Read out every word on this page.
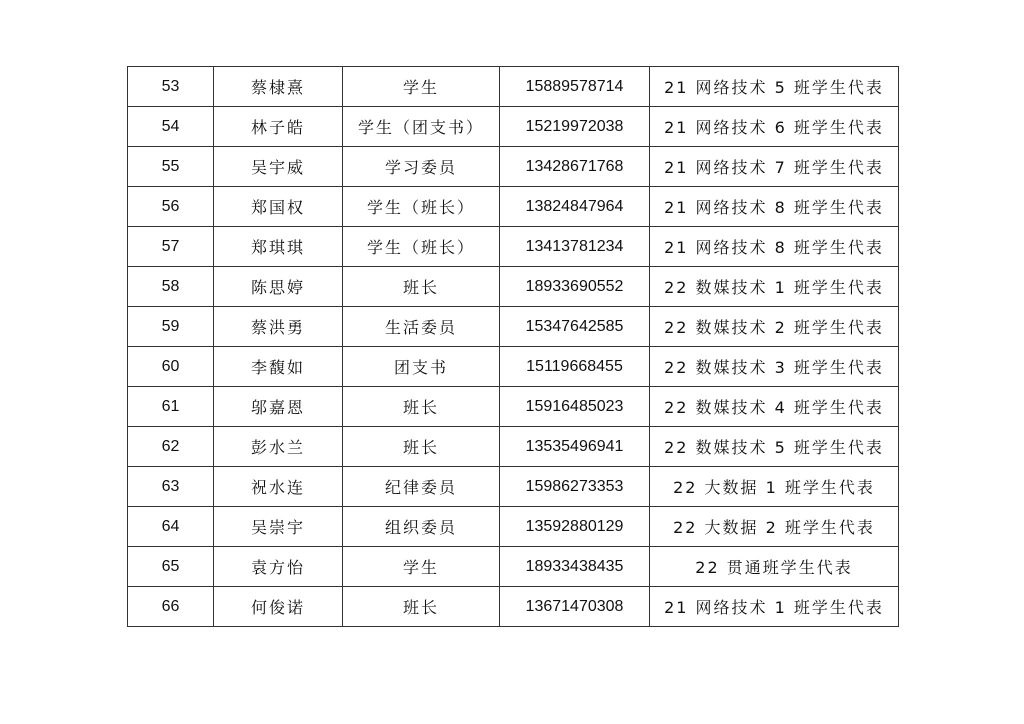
53	蔡棣熹	学生	15889578714	21 网络技术 5 班学生代表
54	林子皓	学生（团支书）	15219972038	21 网络技术 6 班学生代表
55	吴宇威	学习委员	13428671768	21 网络技术 7 班学生代表
56	郑国权	学生（班长）	13824847964	21 网络技术 8 班学生代表
57	郑琪琪	学生（班长）	13413781234	21 网络技术 8 班学生代表
58	陈思婷	班长	18933690552	22 数媒技术 1 班学生代表
59	蔡洪勇	生活委员	15347642585	22 数媒技术 2 班学生代表
60	李馥如	团支书	15119668455	22 数媒技术 3 班学生代表
61	邬嘉恩	班长	15916485023	22 数媒技术 4 班学生代表
62	彭水兰	班长	13535496941	22 数媒技术 5 班学生代表
63	祝水连	纪律委员	15986273353	22 大数据 1 班学生代表
64	吴崇宇	组织委员	13592880129	22 大数据 2 班学生代表
65	袁方怡	学生	18933438435	22 贯通班学生代表
66	何俊诺	班长	13671470308	21 网络技术 1 班学生代表
